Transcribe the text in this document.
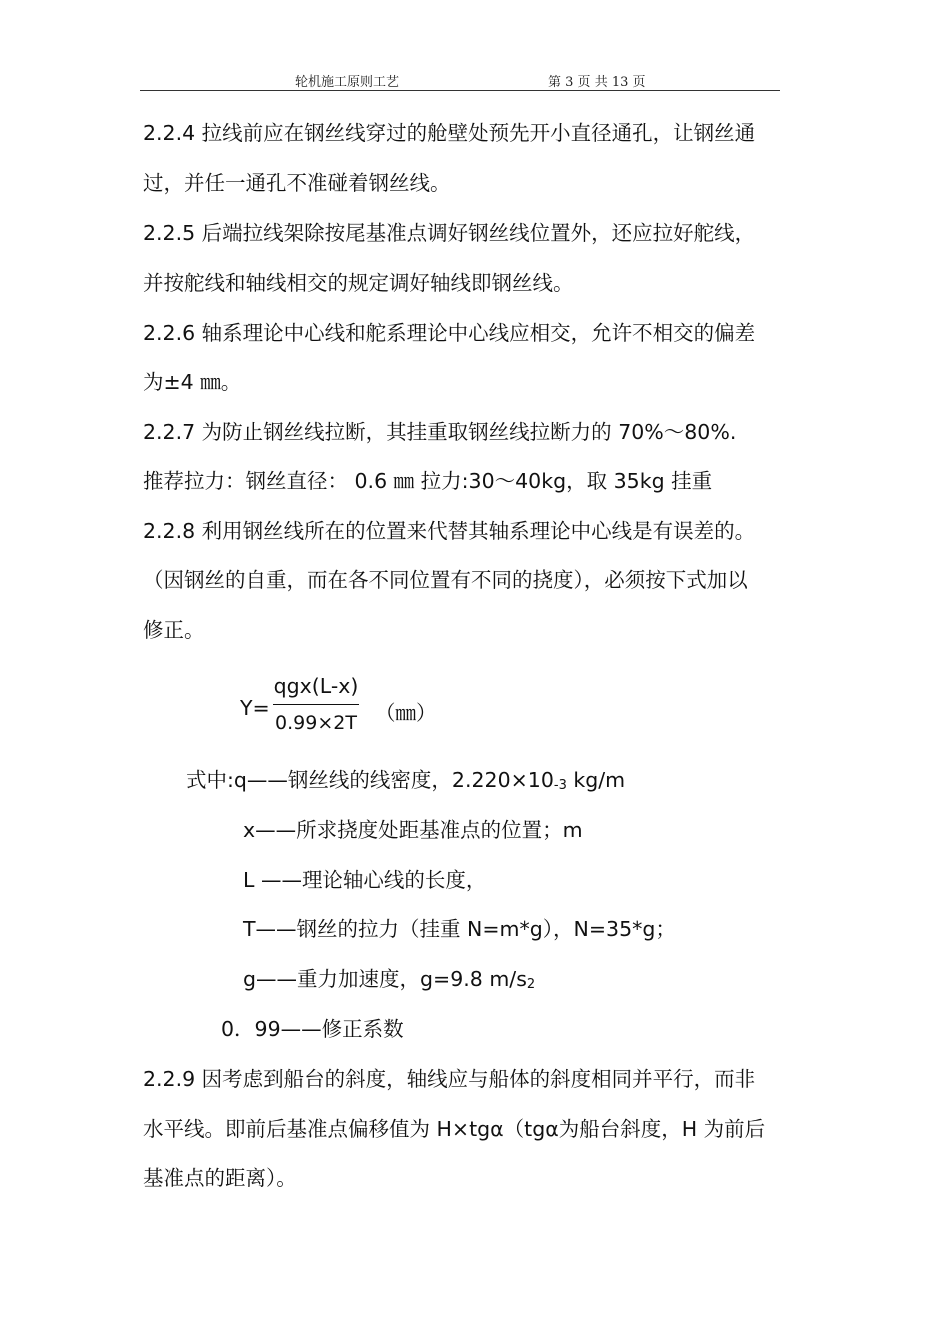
轮机施工原则工艺	第 3 页 共 13 页
2.2.4 拉线前应在钢丝线穿过的舱壁处预先开小直径通孔，让钢丝通
过，并任一通孔不准碰着钢丝线。
2.2.5 后端拉线架除按尾基准点调好钢丝线位置外，还应拉好舵线，
并按舵线和轴线相交的规定调好轴线即钢丝线。
2.2.6 轴系理论中心线和舵系理论中心线应相交，允许不相交的偏差
为±4 ㎜。
2.2.7 为防止钢丝线拉断，其挂重取钢丝线拉断力的 70%～80%.
推荐拉力：钢丝直径： 0.6 ㎜ 拉力:30～40kg，取 35kg 挂重
2.2.8 利用钢丝线所在的位置来代替其轴系理论中心线是有误差的。
（因钢丝的自重，而在各不同位置有不同的挠度），必须按下式加以
修正。
Y=
qgx(L-x)
0.99×2T （㎜）
式中:q——钢丝线的线密度，2.220×10-3 kg/m
x——所求挠度处距基准点的位置；m
L ——理论轴心线的长度，
T——钢丝的拉力（挂重 N=m*g），N=35*g；
g——重力加速度，g=9.8 m/s2
0．99——修正系数
2.2.9 因考虑到船台的斜度，轴线应与船体的斜度相同并平行，而非
水平线。即前后基准点偏移值为 H×tgα（tgα为船台斜度，H 为前后
基准点的距离）。
